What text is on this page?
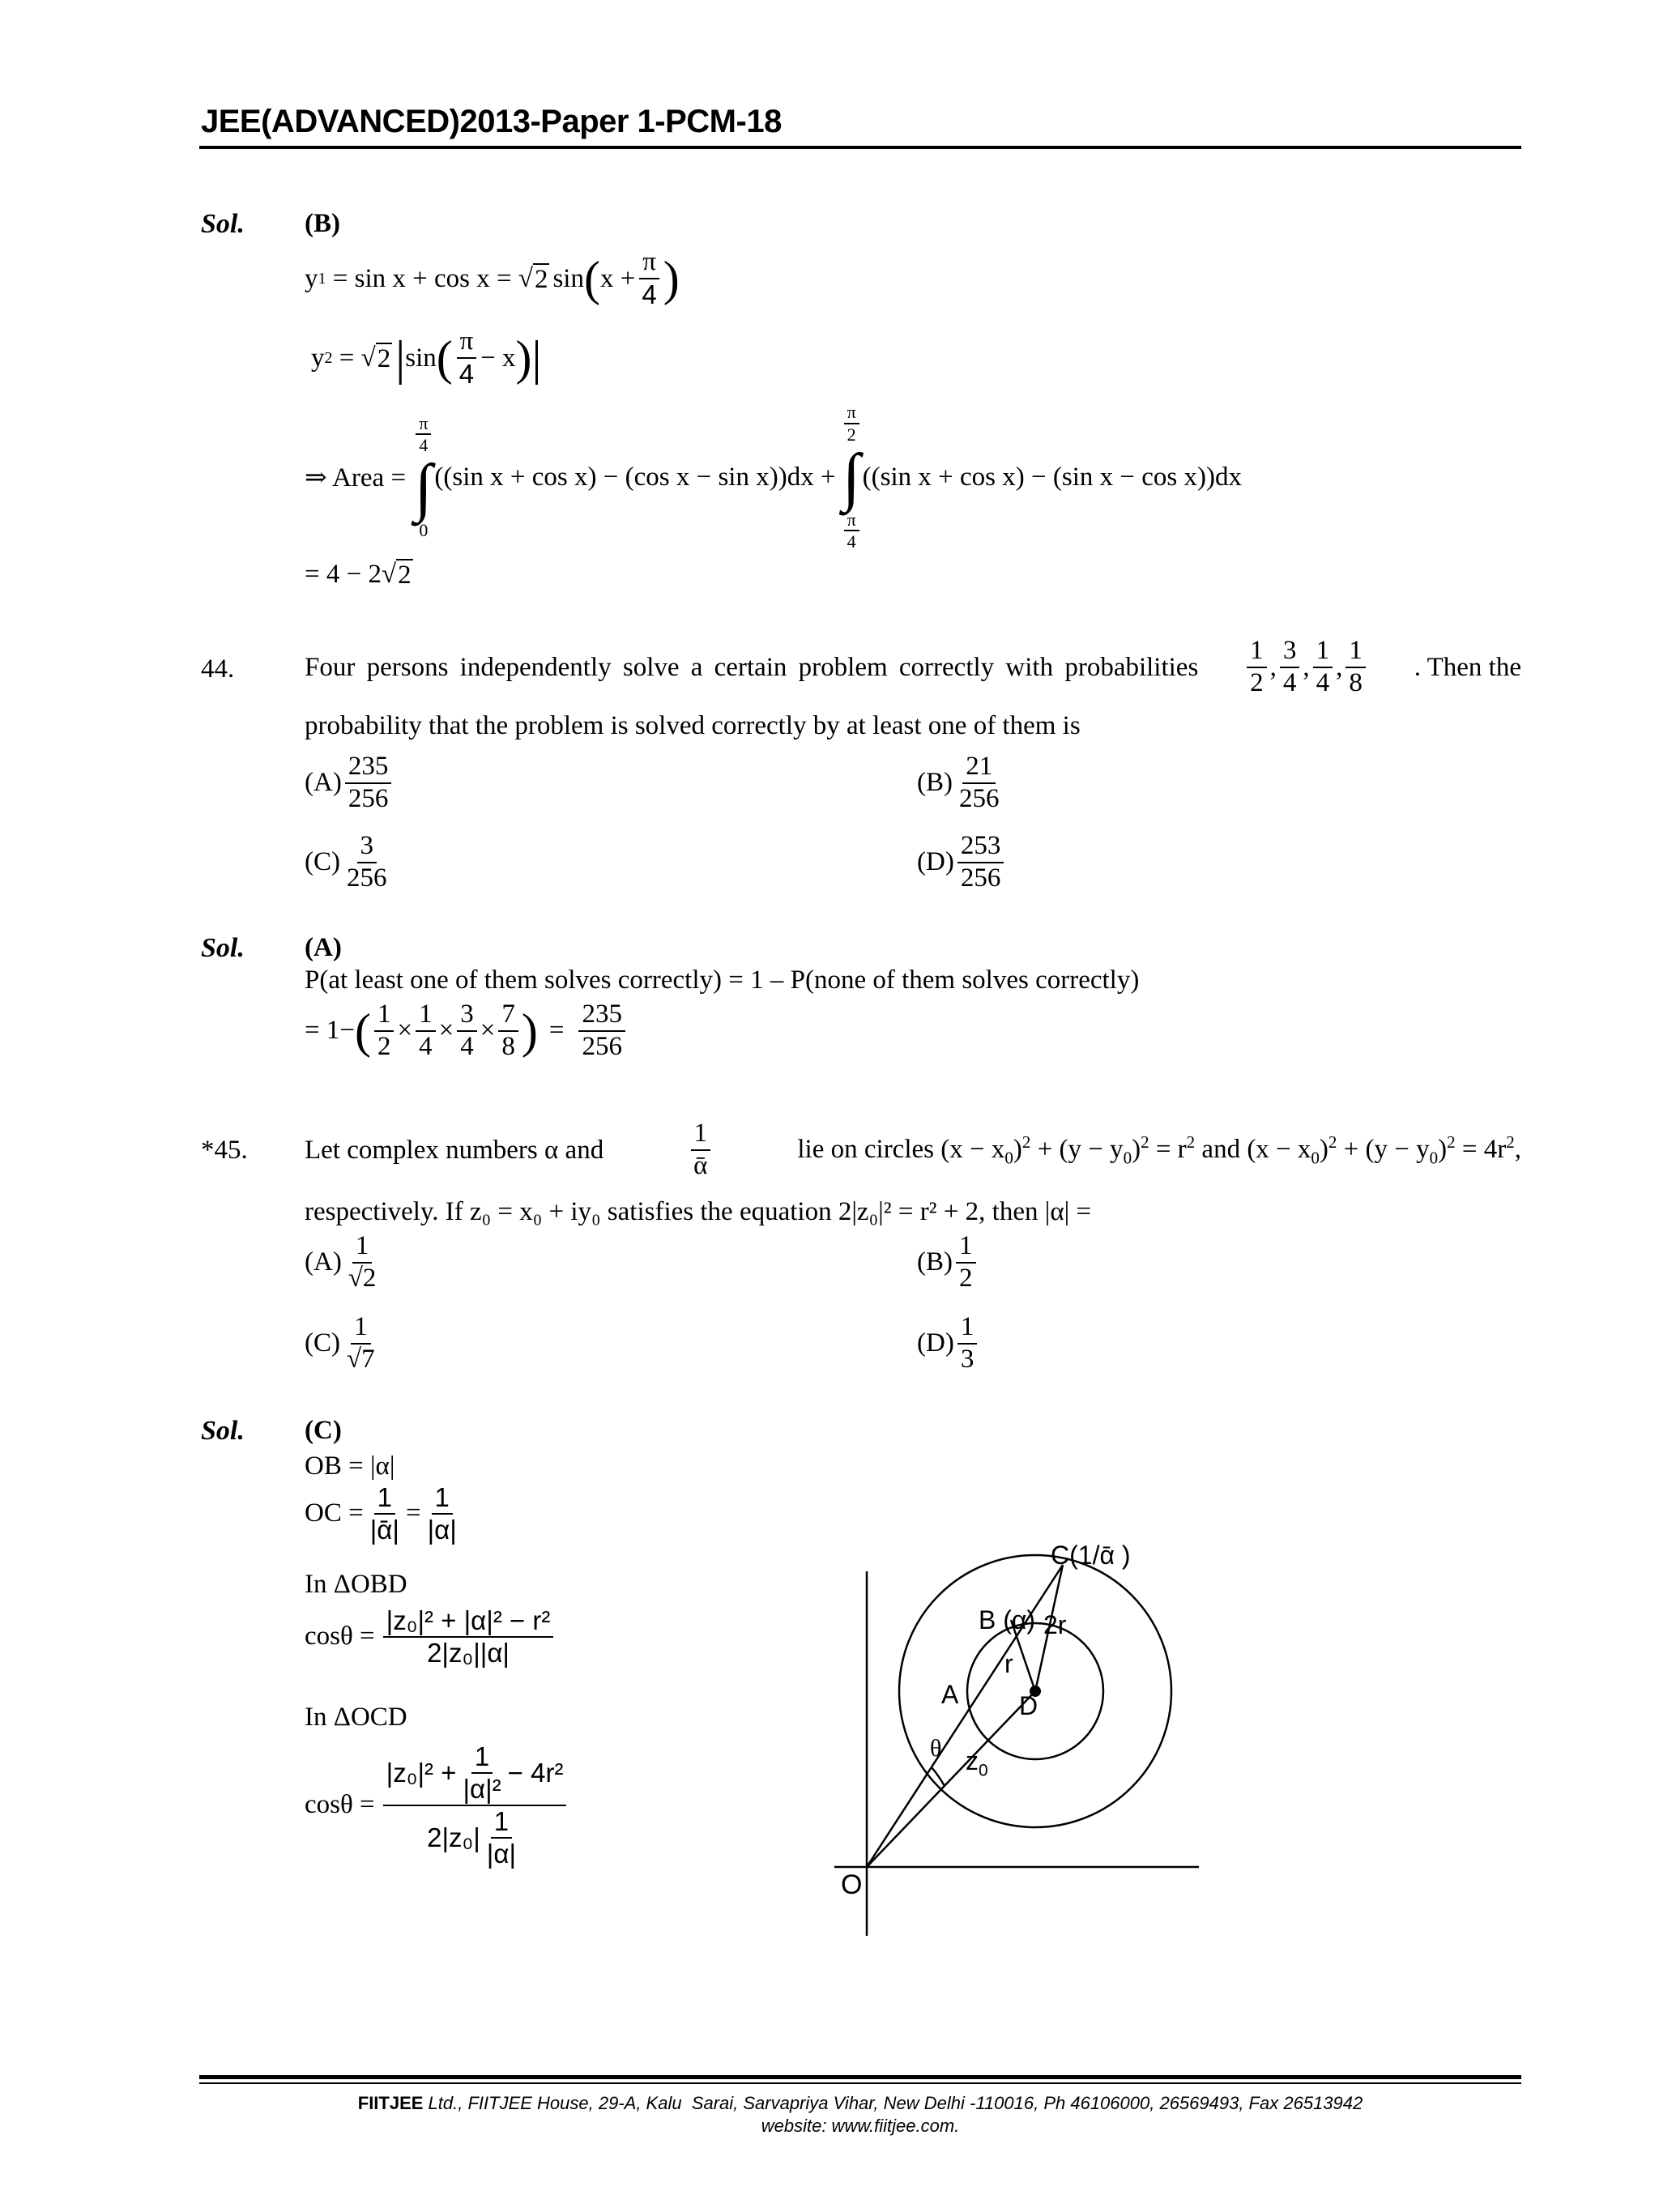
JEE(ADVANCED)2013-Paper 1-PCM-18
Sol. (B)
y 1 = sin x + cos x = √ 2 sin ( $x + \frac{\pi}{4}$ )
y 2 = √ 2 | sin ( $\frac{\pi}{4} - x$ ) |
⇒ Area =
$\frac{\pi}{4}$
∫
0
((sin x + cos x) − (cos x − sin x))dx +
$\frac{\pi}{2}$
∫
$\frac{\pi}{4}$
((sin x + cos x) − (sin x − cos x))dx
= 4 − 2 √ 2
44.	Four persons independently solve a certain problem correctly with probabilities $\frac{1}{2}$ , $\frac{3}{4}$ , $\frac{1}{4}$ , $\frac{1}{8}$ . Then the
probability that the problem is solved correctly by at least one of them is
$(A) \frac{235}{256}$	$(B) \frac{21}{256}$
$(C) \frac{3}{256}$	$(D) \frac{253}{256}$
Sol. (A)
P(at least one of them solves correctly) = 1 – P(none of them solves correctly)
= 1− ( $\frac{1}{2} \times \frac{1}{4} \times \frac{3}{4} \times \frac{7}{8}$ ) = $\frac{235}{256}$
*45. Let complex numbers α and	$\frac{1}{\text{ᾱ}}$	lie on circles $(x - x_0)^2 + (y - y_0)^2 = r^2$ and $(x - x_0)^2 + (y - y_0)^2 = 4r^2$,
respectively. If z₀ = x₀ + iy₀ satisfies the equation 2|z₀|² = r² + 2, then |α| =
$(A) \frac{1}{√2}$	$(B) \frac{1}{2}$
$(C) \frac{1}{√7}$	$(D) \frac{1}{3}$
Sol. (C)
OB = |α|
OC = $\frac{1}{\text{|ᾱ|}} = \frac{1}{|\alpha|}$
In ΔOBD
$\cos\theta = \frac{\text{|z₀|² + |α|² − r²}}{\text{2|z₀||α|}}$
In ΔOCD
$\cos\theta = \frac{|z_0|^2 + \frac{1}{\text{|α|²}} - 4r^2}{2|z_0| \frac{1}{|\alpha|}}$
C(1/ᾱ )
B (α) 2r
r
A D
θ $z_0$
O
FIITJEE Ltd., FIITJEE House, 29-A, Kalu  Sarai, Sarvapriya Vihar, New Delhi -110016, Ph 46106000, 26569493, Fax 26513942
website: www.fiitjee.com.
